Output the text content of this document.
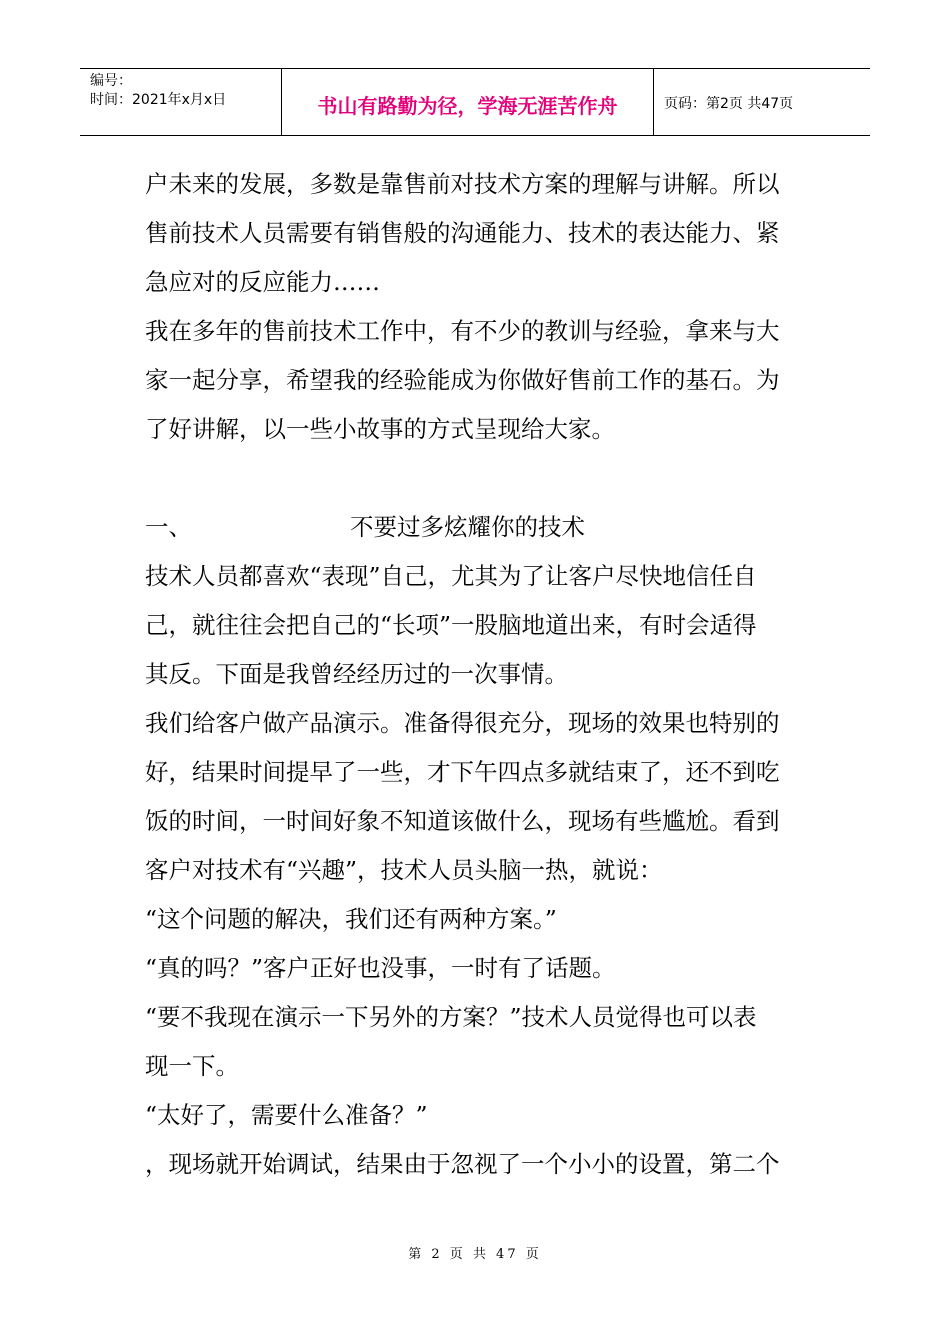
编号：
时间：2021年x月x日	书山有路勤为径，学海无涯苦作舟	页码：第2页 共47页
户未来的发展，多数是靠售前对技术方案的理解与讲解。所以
售前技术人员需要有销售般的沟通能力、技术的表达能力、紧
急应对的反应能力……
我在多年的售前技术工作中，有不少的教训与经验，拿来与大
家一起分享，希望我的经验能成为你做好售前工作的基石。为
了好讲解，以一些小故事的方式呈现给大家。
一、	不要过多炫耀你的技术
技术人员都喜欢“表现”自己，尤其为了让客户尽快地信任自
己，就往往会把自己的“长项”一股脑地道出来，有时会适得
其反。下面是我曾经经历过的一次事情。
我们给客户做产品演示。准备得很充分，现场的效果也特别的
好，结果时间提早了一些，才下午四点多就结束了，还不到吃
饭的时间，一时间好象不知道该做什么，现场有些尴尬。看到
客户对技术有“兴趣”，技术人员头脑一热，就说：
“这个问题的解决，我们还有两种方案。”
“真的吗？”客户正好也没事，一时有了话题。
“要不我现在演示一下另外的方案？”技术人员觉得也可以表
现一下。
“太好了，需要什么准备？”
，现场就开始调试，结果由于忽视了一个小小的设置，第二个
第 2 页 共 47 页
